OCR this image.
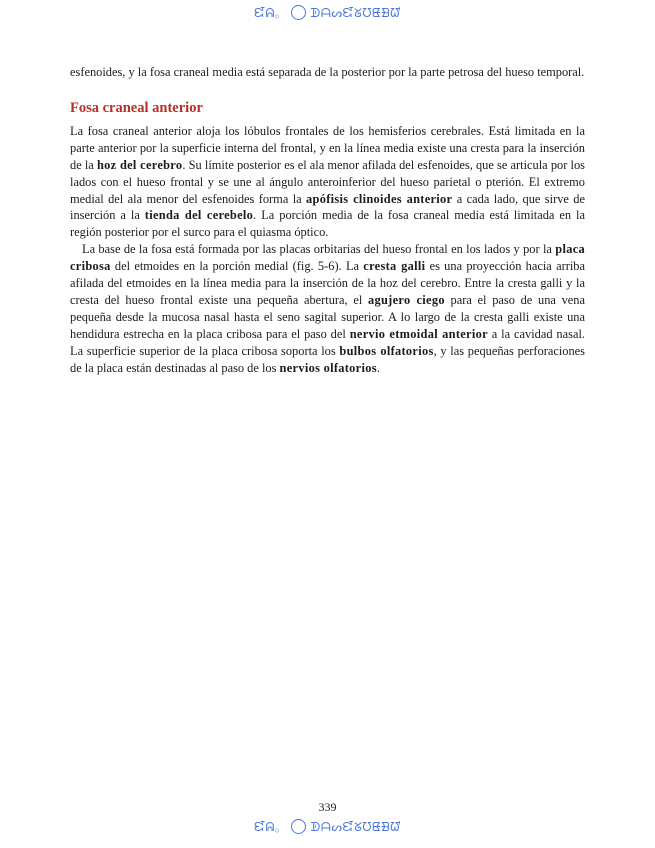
ᘿᕱ。 ᗫᗩᔕᘿᘜᘮᘀᗿᘺ

esfenoides, y la fosa craneal media está separada de la posterior por la parte petrosa del hueso temporal.

Fosa craneal anterior

La fosa craneal anterior aloja los lóbulos frontales de los hemisferios cerebrales. Está limitada en la parte anterior por la superficie interna del frontal, y en la línea media existe una cresta para la inserción de la hoz del cerebro. Su límite posterior es el ala menor afilada del esfenoides, que se articula por los lados con el hueso frontal y se une al ángulo anteroinferior del hueso parietal o pterión. El extremo medial del ala menor del esfenoides forma la apófisis clinoides anterior a cada lado, que sirve de inserción a la tienda del cerebelo. La porción media de la fosa craneal media está limitada en la región posterior por el surco para el quiasma óptico.

La base de la fosa está formada por las placas orbitarias del hueso frontal en los lados y por la placa cribosa del etmoides en la porción medial (fig. 5-6). La cresta galli es una proyección hacia arriba afilada del etmoides en la línea media para la inserción de la hoz del cerebro. Entre la cresta galli y la cresta del hueso frontal existe una pequeña abertura, el agujero ciego para el paso de una vena pequeña desde la mucosa nasal hasta el seno sagital superior. A lo largo de la cresta galli existe una hendidura estrecha en la placa cribosa para el paso del nervio etmoidal anterior a la cavidad nasal. La superficie superior de la placa cribosa soporta los bulbos olfatorios, y las pequeñas perforaciones de la placa están destinadas al paso de los nervios olfatorios.

339
ᘿᕱ。 ᗫᗩᔕᘿᘜᘮᘀᗿᘺ
